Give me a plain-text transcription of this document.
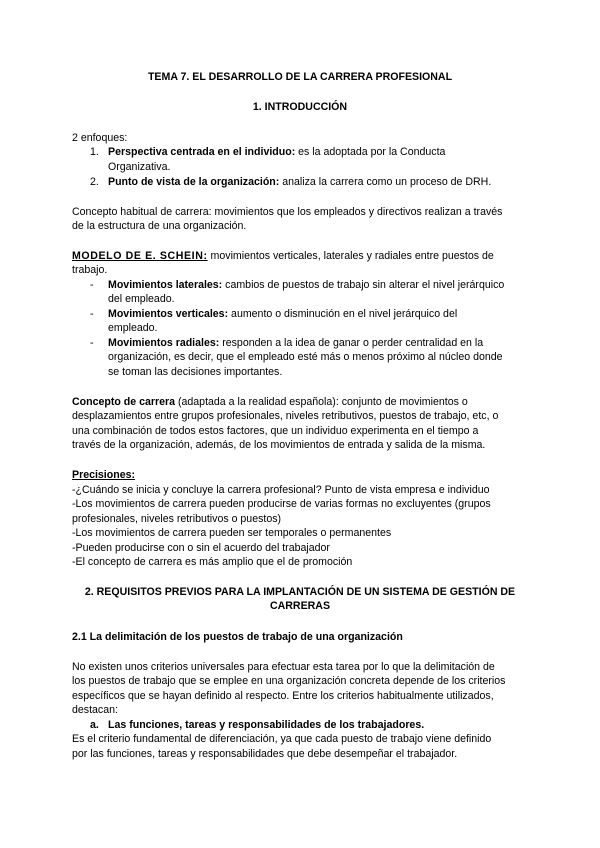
TEMA 7. EL DESARROLLO DE LA CARRERA PROFESIONAL
1. INTRODUCCIÓN
2 enfoques:
1. Perspectiva centrada en el individuo: es la adoptada por la Conducta
Organizativa.
2. Punto de vista de la organización: analiza la carrera como un proceso de DRH.
Concepto habitual de carrera: movimientos que los empleados y directivos realizan a través
de la estructura de una organización.
MODELO DE E. SCHEIN: movimientos verticales, laterales y radiales entre puestos de
trabajo.
- Movimientos laterales: cambios de puestos de trabajo sin alterar el nivel jerárquico
del empleado.
- Movimientos verticales: aumento o disminución en el nivel jerárquico del
empleado.
- Movimientos radiales: responden a la idea de ganar o perder centralidad en la
organización, es decir, que el empleado esté más o menos próximo al núcleo donde
se toman las decisiones importantes.
Concepto de carrera (adaptada a la realidad española): conjunto de movimientos o
desplazamientos entre grupos profesionales, niveles retributivos, puestos de trabajo, etc, o
una combinación de todos estos factores, que un individuo experimenta en el tiempo a
través de la organización, además, de los movimientos de entrada y salida de la misma.
Precisiones:
-¿Cuándo se inicia y concluye la carrera profesional? Punto de vista empresa e individuo
-Los movimientos de carrera pueden producirse de varias formas no excluyentes (grupos
profesionales, niveles retributivos o puestos)
-Los movimientos de carrera pueden ser temporales o permanentes
-Pueden producirse con o sin el acuerdo del trabajador
-El concepto de carrera es más amplio que el de promoción
2. REQUISITOS PREVIOS PARA LA IMPLANTACIÓN DE UN SISTEMA DE GESTIÓN DE
CARRERAS
2.1 La delimitación de los puestos de trabajo de una organización
No existen unos criterios universales para efectuar esta tarea por lo que la delimitación de
los puestos de trabajo que se emplee en una organización concreta depende de los criterios
específicos que se hayan definido al respecto. Entre los criterios habitualmente utilizados,
destacan:
a. Las funciones, tareas y responsabilidades de los trabajadores.
Es el criterio fundamental de diferenciación, ya que cada puesto de trabajo viene definido
por las funciones, tareas y responsabilidades que debe desempeñar el trabajador.
